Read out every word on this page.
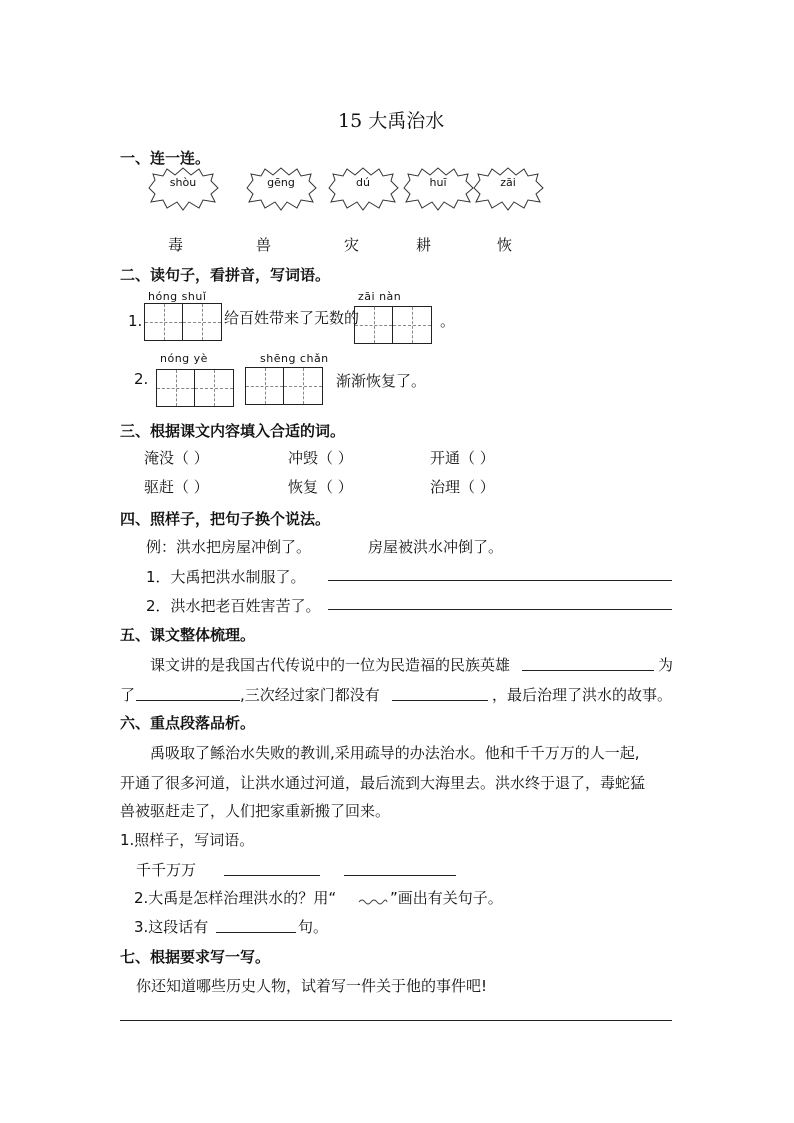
15 大禹治水
一、连一连。
shòu	gēng	dú	huī	zāi
毒	兽	灾	耕	恢
二、读句子，看拼音，写词语。
hóng shuǐ
1.	给百姓带来了无数的
zāi nàn
。
nóng yè
2.
shēng chǎn
渐渐恢复了。
三、根据课文内容填入合适的词。
淹没（ ）	冲毁（ ）	开通（ ）
驱赶（ ）	恢复（ ）	治理（ ）
四、照样子，把句子换个说法。
例：洪水把房屋冲倒了。	房屋被洪水冲倒了。
1．大禹把洪水制服了。
2．洪水把老百姓害苦了。
五、课文整体梳理。
课文讲的是我国古代传说中的一位为民造福的民族英雄	为
了	,三次经过家门都没有	，最后治理了洪水的故事。
六、重点段落品析。
禹吸取了鲧治水失败的教训,采用疏导的办法治水。他和千千万万的人一起,
开通了很多河道，让洪水通过河道，最后流到大海里去。洪水终于退了，毒蛇猛
兽被驱赶走了，人们把家重新搬了回来。
1.照样子，写词语。
千千万万
2.大禹是怎样治理洪水的？用“	”画出有关句子。
3.这段话有	句。
七、根据要求写一写。
你还知道哪些历史人物，试着写一件关于他的事件吧!
